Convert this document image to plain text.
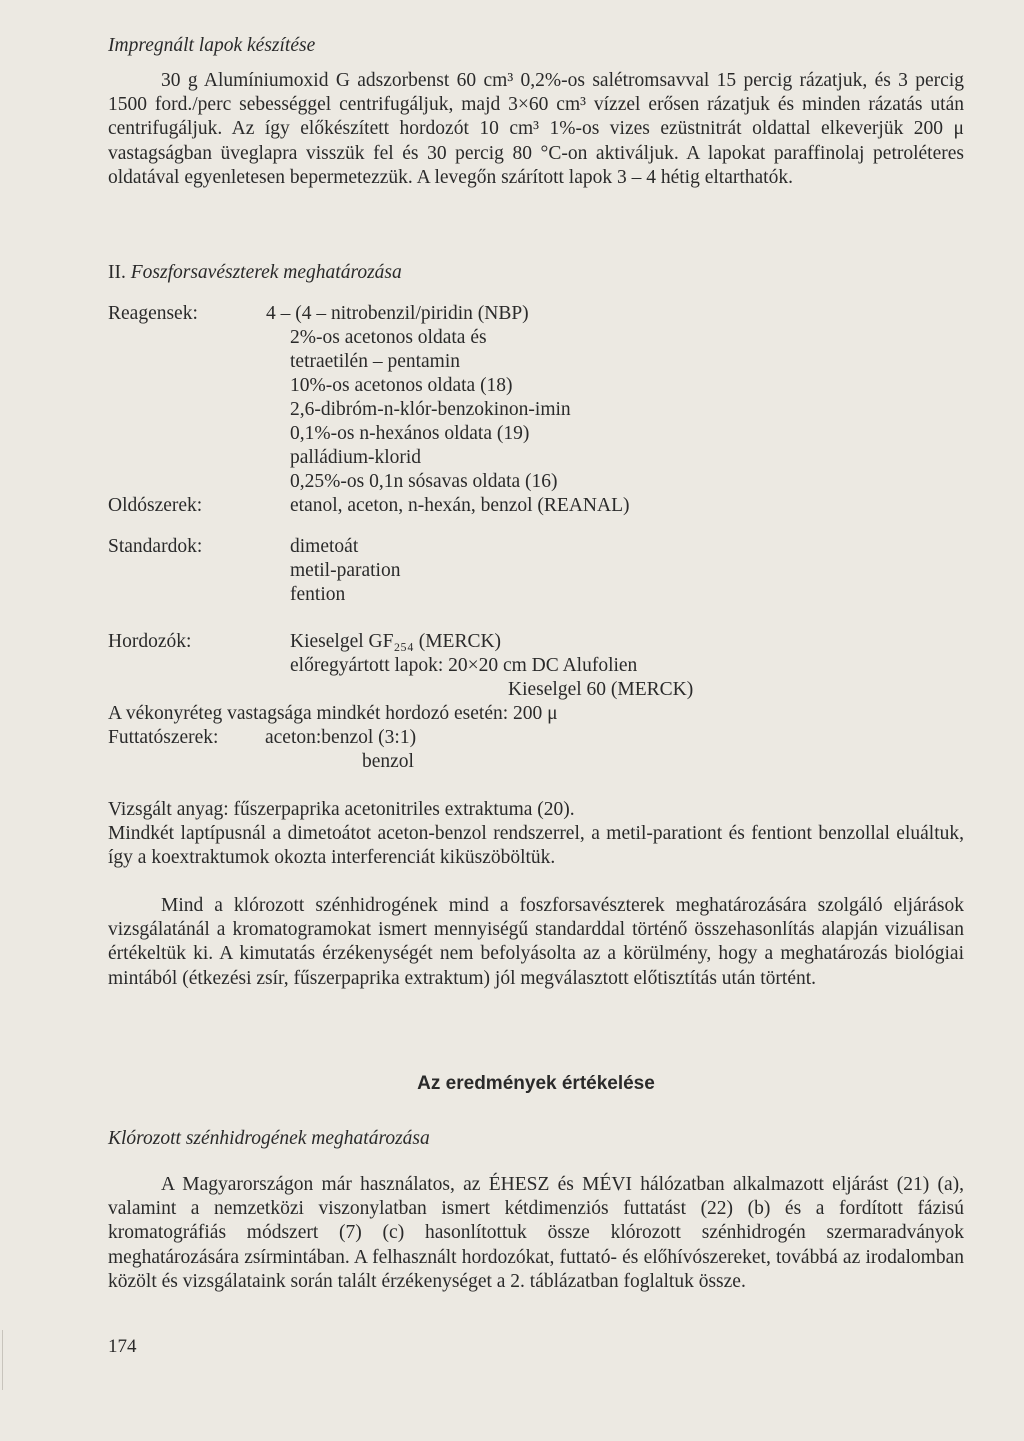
Impregnált lapok készítése

30 g Alumíniumoxid G adszorbenst 60 cm³ 0,2%-os salétromsavval 15 percig rázatjuk, és 3 percig 1500 ford./perc sebességgel centrifugáljuk, majd 3×60 cm³ vízzel erősen rázatjuk és minden rázatás után centrifugáljuk. Az így előkészített hordozót 10 cm³ 1%-os vizes ezüstnitrát oldattal elkeverjük 200 μ vastagságban üveglapra visszük fel és 30 percig 80 °C-on aktiváljuk. A lapokat paraffinolaj petroléteres oldatával egyenletesen bepermetezzük. A levegőn szárított lapok 3 – 4 hétig eltarthatók.

II. Foszforsavészterek meghatározása
Reagensek:	4 – (4 – nitrobenzil/piridin (NBP)
2%-os acetonos oldata és
tetraetilén – pentamin
10%-os acetonos oldata (18)
2,6-dibróm-n-klór-benzokinon-imin
0,1%-os n-hexános oldata (19)
palládium-klorid
0,25%-os 0,1n sósavas oldata (16)
Oldószerek:	etanol, aceton, n-hexán, benzol (REANAL)
Standardok:	dimetoát
metil-paration
fention
Hordozók:	Kieselgel GF₂₅₄ (MERCK)
előregyártott lapok: 20×20 cm DC Alufolien
Kieselgel 60 (MERCK)
A vékonyréteg vastagsága mindkét hordozó esetén: 200 μ
Futtatószerek: aceton:benzol (3:1)
benzol
Vizsgált anyag: fűszerpaprika acetonitriles extraktuma (20).

Mindkét laptípusnál a dimetoátot aceton-benzol rendszerrel, a metil-parationt és fentiont benzollal eluáltuk, így a koextraktumok okozta interferenciát kiküszöböltük.

Mind a klórozott szénhidrogének mind a foszforsavészterek meghatározására szolgáló eljárások vizsgálatánál a kromatogramokat ismert mennyiségű standarddal történő összehasonlítás alapján vizuálisan értékeltük ki. A kimutatás érzékenységét nem befolyásolta az a körülmény, hogy a meghatározás biológiai mintából (étkezési zsír, fűszerpaprika extraktum) jól megválasztott előtisztítás után történt.

Az eredmények értékelése
Klórozott szénhidrogének meghatározása

A Magyarországon már használatos, az ÉHESZ és MÉVI hálózatban alkalmazott eljárást (21) (a), valamint a nemzetközi viszonylatban ismert kétdimenziós futtatást (22) (b) és a fordított fázisú kromatográfiás módszert (7) (c) hasonlítottuk össze klórozott szénhidrogén szermaradványok meghatározására zsírmintában. A felhasznált hordozókat, futtató- és előhívószereket, továbbá az irodalomban közölt és vizsgálataink során talált érzékenységet a 2. táblázatban foglaltuk össze.

174
